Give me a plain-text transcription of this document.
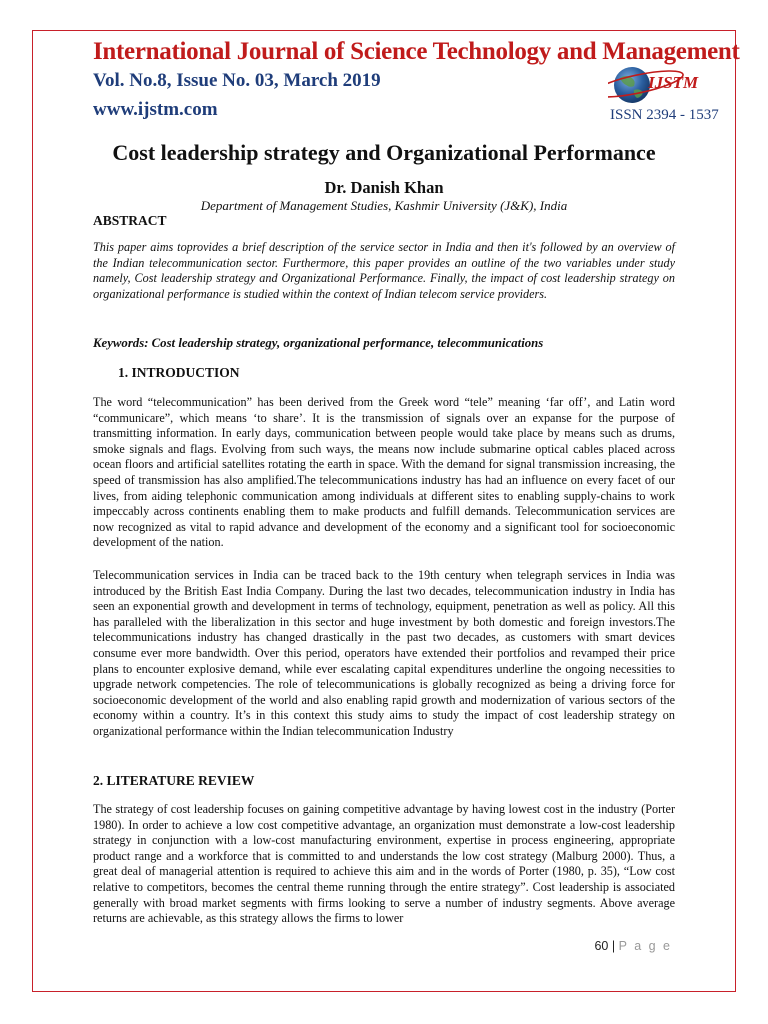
International Journal of Science Technology and Management
Vol. No.8, Issue No. 03, March 2019
www.ijstm.com
IJSTM
ISSN 2394 - 1537
Cost leadership strategy and Organizational Performance
Dr. Danish Khan
Department of Management Studies, Kashmir University (J&K), India
ABSTRACT

This paper aims toprovides a brief description of the service sector in India and then it's followed by an overview of the Indian telecommunication sector. Furthermore, this paper provides an outline of the two variables under study namely, Cost leadership strategy and Organizational Performance. Finally, the impact of cost leadership strategy on organizational performance is studied within the context of Indian telecom service providers.

Keywords: Cost leadership strategy, organizational performance, telecommunications
1. INTRODUCTION

The word “telecommunication” has been derived from the Greek word “tele” meaning ‘far off’, and Latin word “communicare”, which means ‘to share’. It is the transmission of signals over an expanse for the purpose of transmitting information. In early days, communication between people would take place by means such as drums, smoke signals and flags. Evolving from such ways, the means now include submarine optical cables placed across ocean floors and artificial satellites rotating the earth in space. With the demand for signal transmission increasing, the speed of transmission has also amplified.The telecommunications industry has had an influence on every facet of our lives, from aiding telephonic communication among individuals at different sites to enabling supply-chains to work impeccably across continents enabling them to make products and fulfill demands. Telecommunication services are now recognized as vital to rapid advance and development of the economy and a significant tool for socioeconomic development of the nation.

Telecommunication services in India can be traced back to the 19th century when telegraph services in India was introduced by the British East India Company. During the last two decades, telecommunication industry in India has seen an exponential growth and development in terms of technology, equipment, penetration as well as policy. All this has paralleled with the liberalization in this sector and huge investment by both domestic and foreign investors.The telecommunications industry has changed drastically in the past two decades, as customers with smart devices consume ever more bandwidth. Over this period, operators have extended their portfolios and revamped their price plans to encounter explosive demand, while ever escalating capital expenditures underline the ongoing necessities to upgrade network competencies. The role of telecommunications is globally recognized as being a driving force for socioeconomic development of the world and also enabling rapid growth and modernization of various sectors of the economy within a country. It’s in this context this study aims to study the impact of cost leadership strategy on organizational performance within the Indian telecommunication Industry

2. LITERATURE REVIEW

The strategy of cost leadership focuses on gaining competitive advantage by having lowest cost in the industry (Porter 1980). In order to achieve a low cost competitive advantage, an organization must demonstrate a low-cost leadership strategy in conjunction with a low-cost manufacturing environment, expertise in process engineering, appropriate product range and a workforce that is committed to and understands the low cost strategy (Malburg 2000). Thus, a great deal of managerial attention is required to achieve this aim and in the words of Porter (1980, p. 35), “Low cost relative to competitors, becomes the central theme running through the entire strategy”. Cost leadership is associated generally with broad market segments with firms looking to serve a number of industry segments. Above average returns are achievable, as this strategy allows the firms to lower

60 | P a g e
